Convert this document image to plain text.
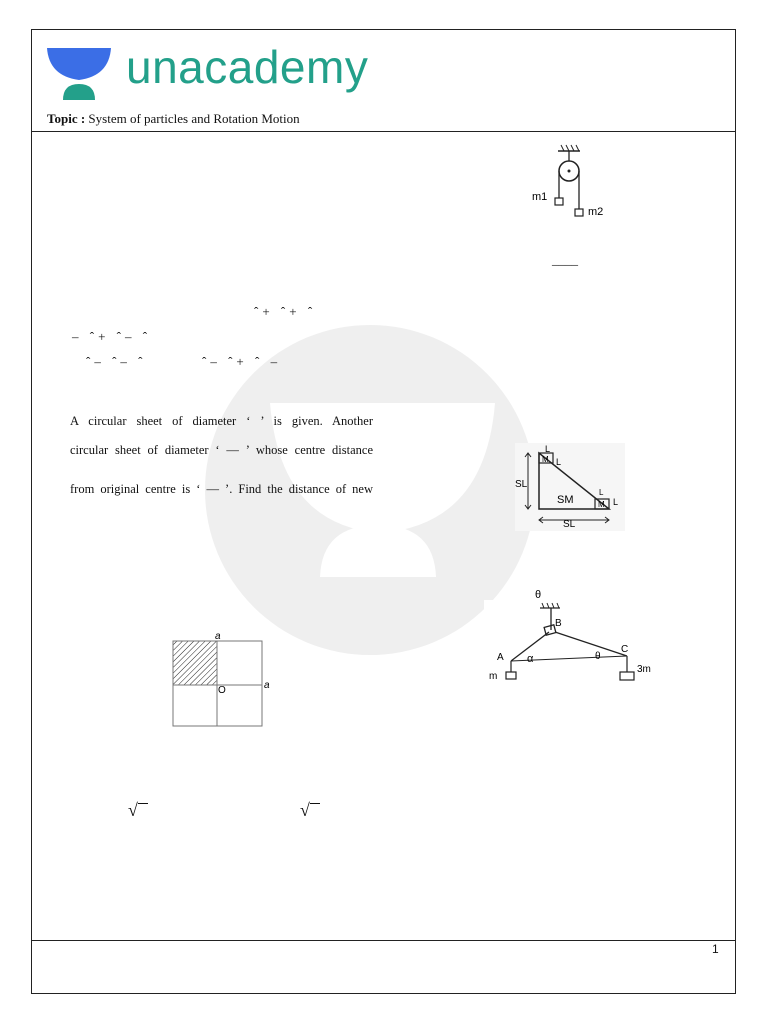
unacademy
Topic : System of particles and Rotation Motion
m1
m2
____
ˆ+ ˆ+ ˆ
– ˆ+ ˆ– ˆ
ˆ– ˆ– ˆ	ˆ– ˆ+ ˆ –
A circular sheet of diameter ‘ ’ is given. Another
circular sheet of diameter ‘ — ’ whose centre distance
from original centre is ‘ — ’. Find the distance of new
L
M L
SL
SM
L
M L
SL
a
a
O
θ
B
A α	θ
C
m
3m
√	√
1
